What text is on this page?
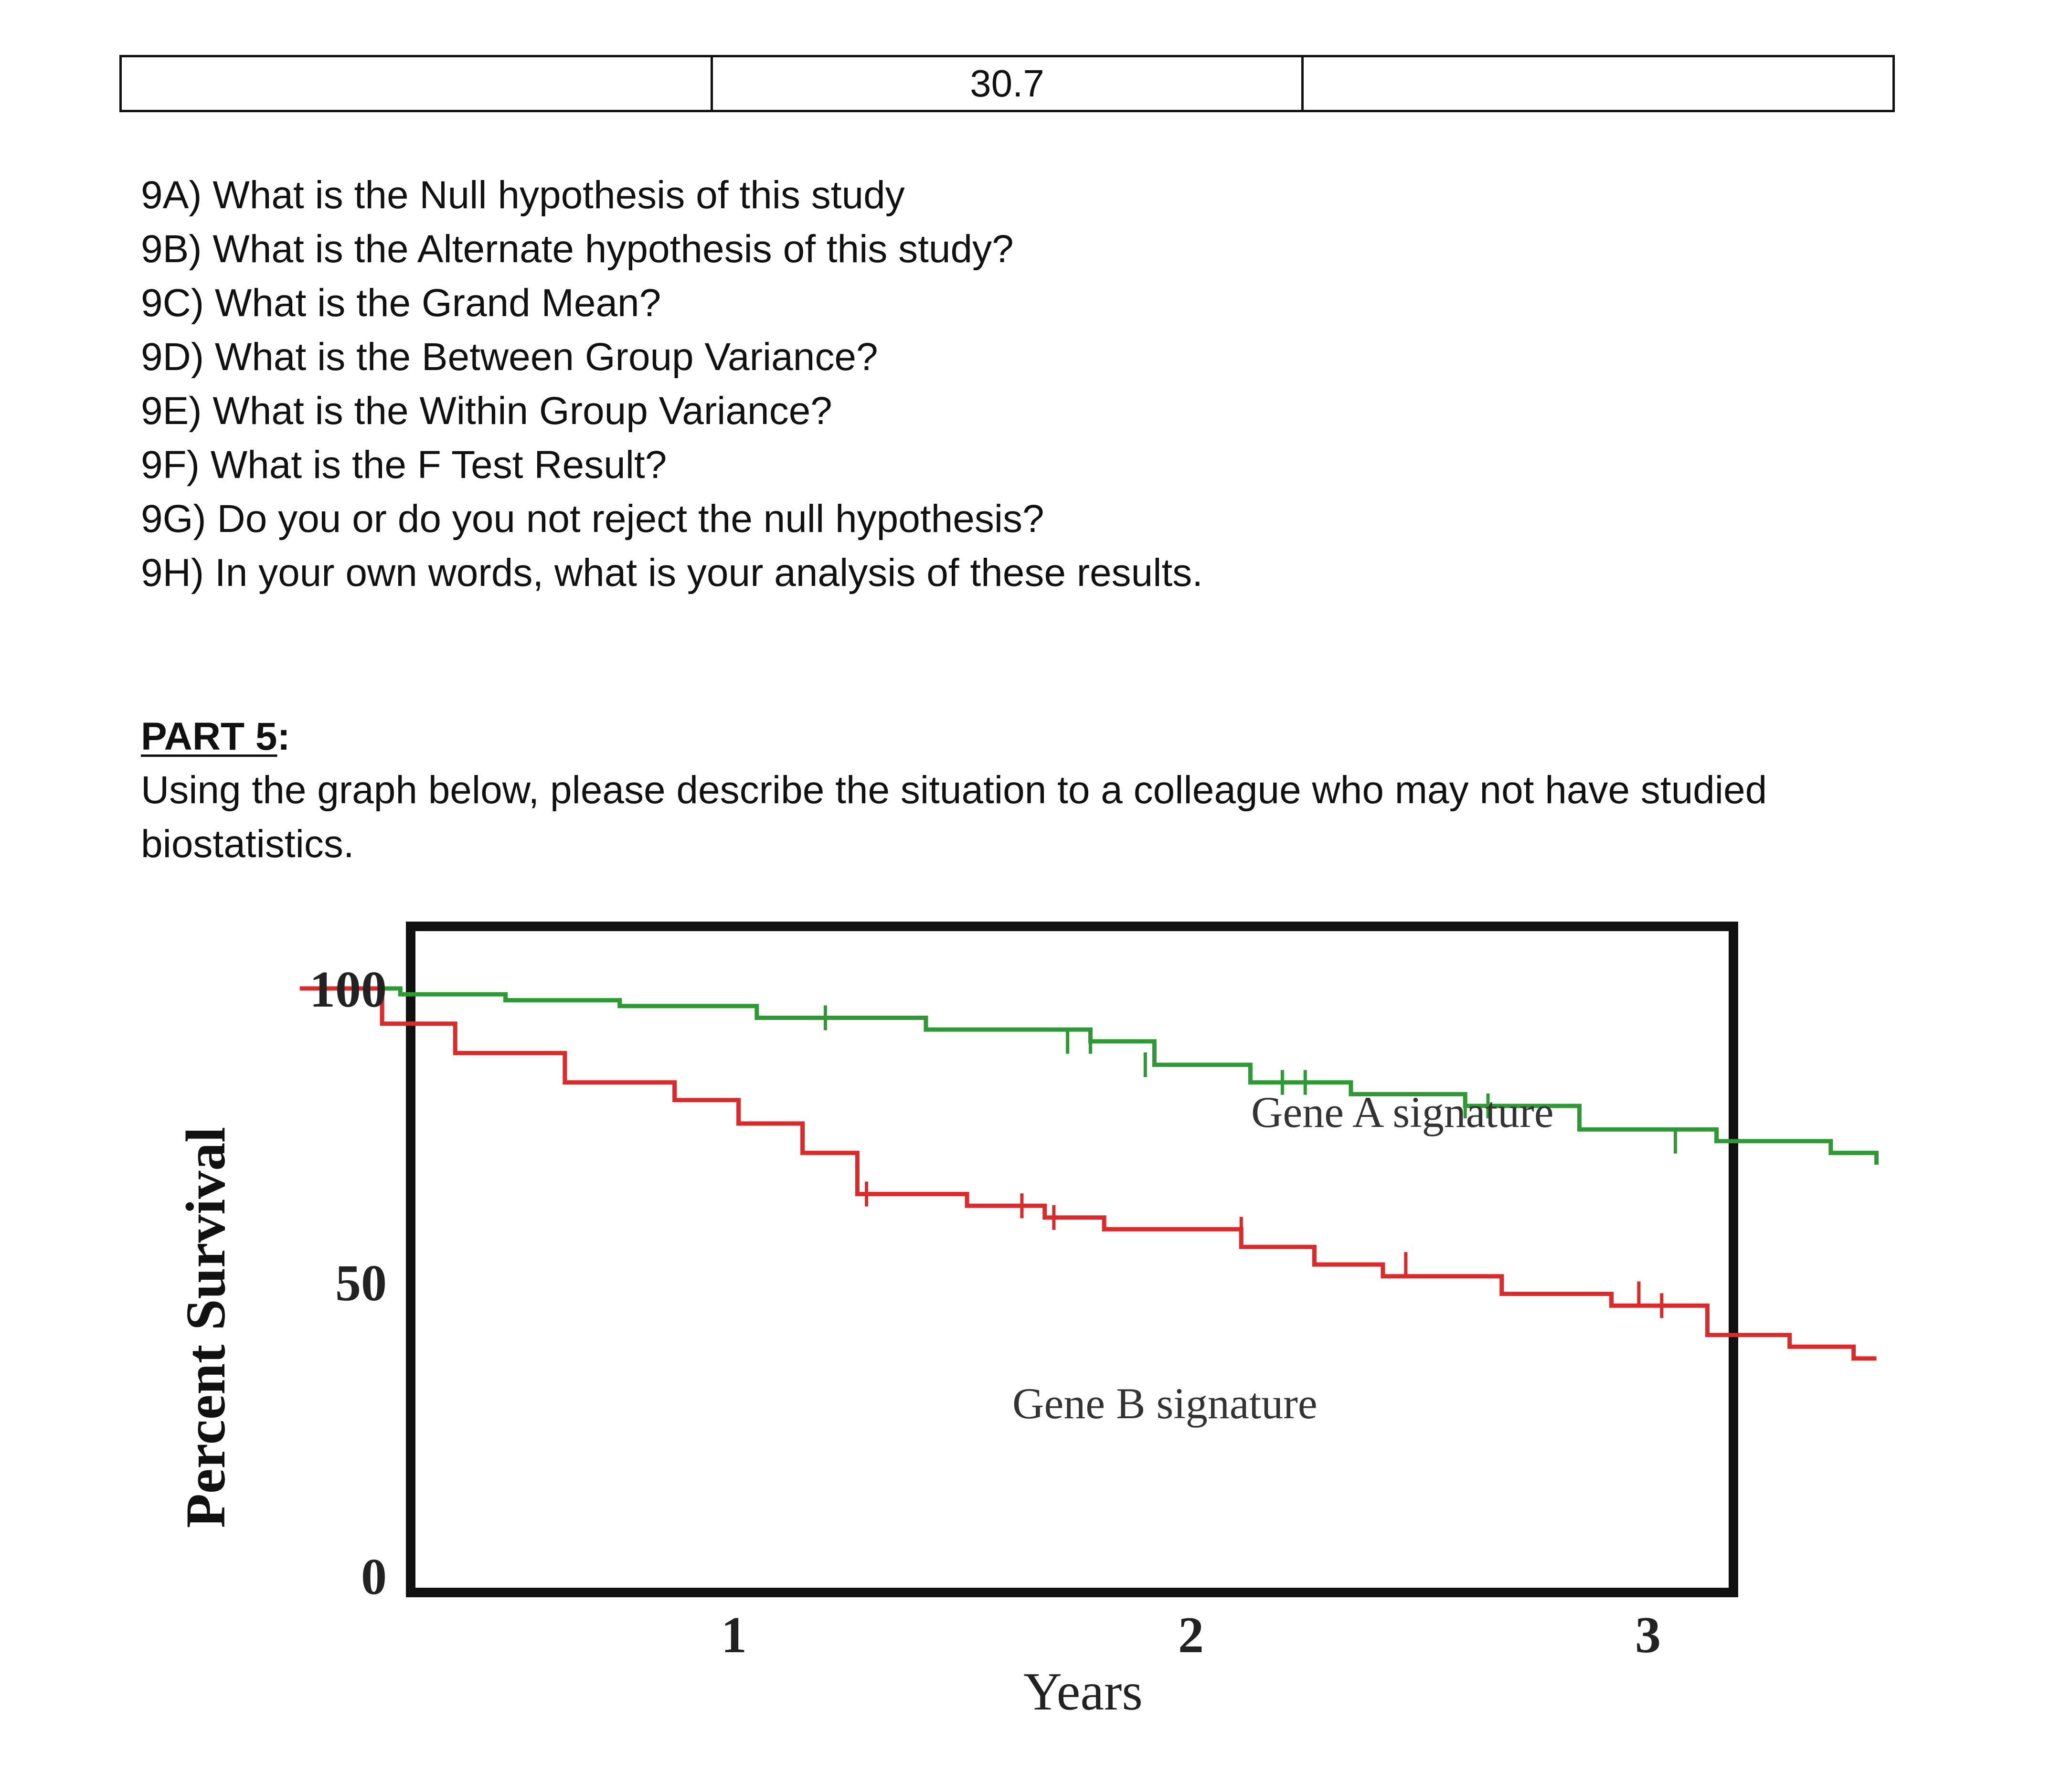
	30.7	
9A) What is the Null hypothesis of this study
9B) What is the Alternate hypothesis of this study?
9C) What is the Grand Mean?
9D) What is the Between Group Variance?
9E) What is the Within Group Variance?
9F) What is the F Test Result?
9G) Do you or do you not reject the null hypothesis?
9H) In your own words, what is your analysis of these results.
PART 5:
Using the graph below, please describe the situation to a colleague who may not have studied biostatistics.
1	2	3
0
50
100
Percent Survival
Years
Gene A signature
Gene B signature
